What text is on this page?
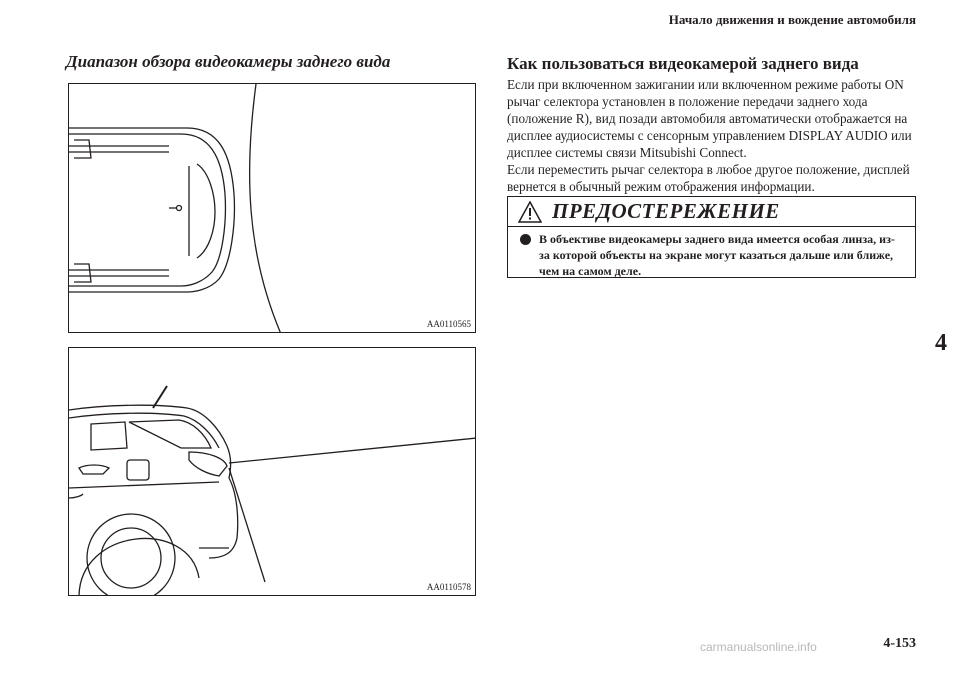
Начало движения и вождение автомобиля
Диапазон обзора видеокамеры заднего вида
AA0110565
AA0110578
Как пользоваться видеокамерой заднего вида

Если при включенном зажигании или включенном режиме работы ON рычаг селектора установлен в положение передачи заднего хода (положение R), вид позади автомобиля автоматически отображается на дисплее аудиосистемы с сенсорным управлением DISPLAY AUDIO или дисплее системы связи Mitsubishi Connect.

Если переместить рычаг селектора в любое другое положение, дисплей вернется в обычный режим отображения информации.

ПРЕДОСТЕРЕЖЕНИЕ
В объективе видеокамеры заднего вида имеется особая линза, из-за которой объекты на экране могут казаться дальше или ближе, чем на самом деле.
4
4-153
carmanualsonline.info
